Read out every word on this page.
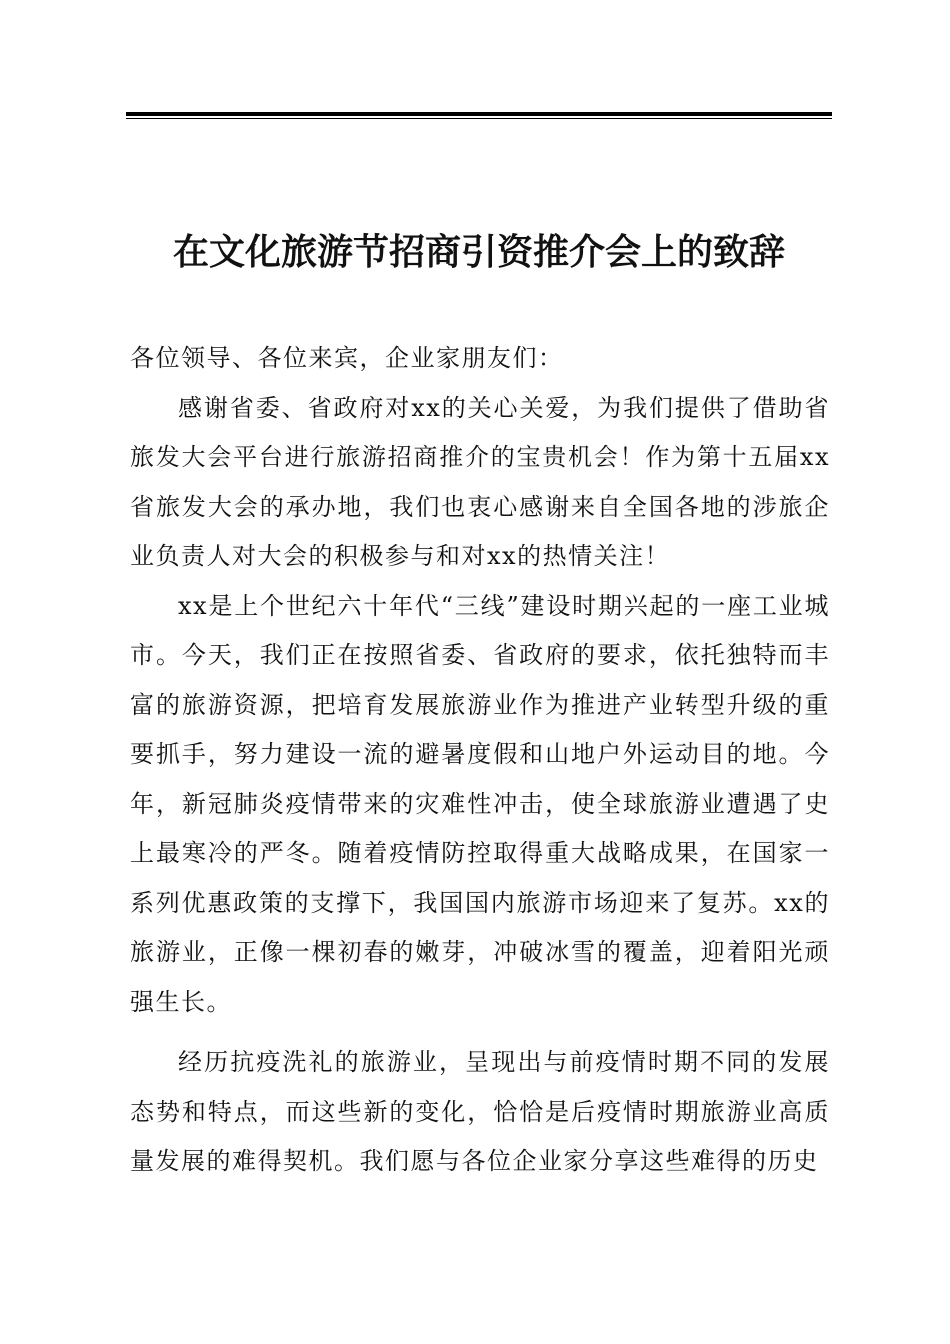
在文化旅游节招商引资推介会上的致辞

各位领导、各位来宾，企业家朋友们：

感谢省委、省政府对xx的关心关爱，为我们提供了借助省旅发大会平台进行旅游招商推介的宝贵机会！作为第十五届xx省旅发大会的承办地，我们也衷心感谢来自全国各地的涉旅企业负责人对大会的积极参与和对xx的热情关注！

xx是上个世纪六十年代“三线”建设时期兴起的一座工业城市。今天，我们正在按照省委、省政府的要求，依托独特而丰富的旅游资源，把培育发展旅游业作为推进产业转型升级的重要抓手，努力建设一流的避暑度假和山地户外运动目的地。今年，新冠肺炎疫情带来的灾难性冲击，使全球旅游业遭遇了史上最寒冷的严冬。随着疫情防控取得重大战略成果，在国家一系列优惠政策的支撑下，我国国内旅游市场迎来了复苏。xx的旅游业，正像一棵初春的嫩芽，冲破冰雪的覆盖，迎着阳光顽强生长。

经历抗疫洗礼的旅游业，呈现出与前疫情时期不同的发展态势和特点，而这些新的变化，恰恰是后疫情时期旅游业高质量发展的难得契机。我们愿与各位企业家分享这些难得的历史
